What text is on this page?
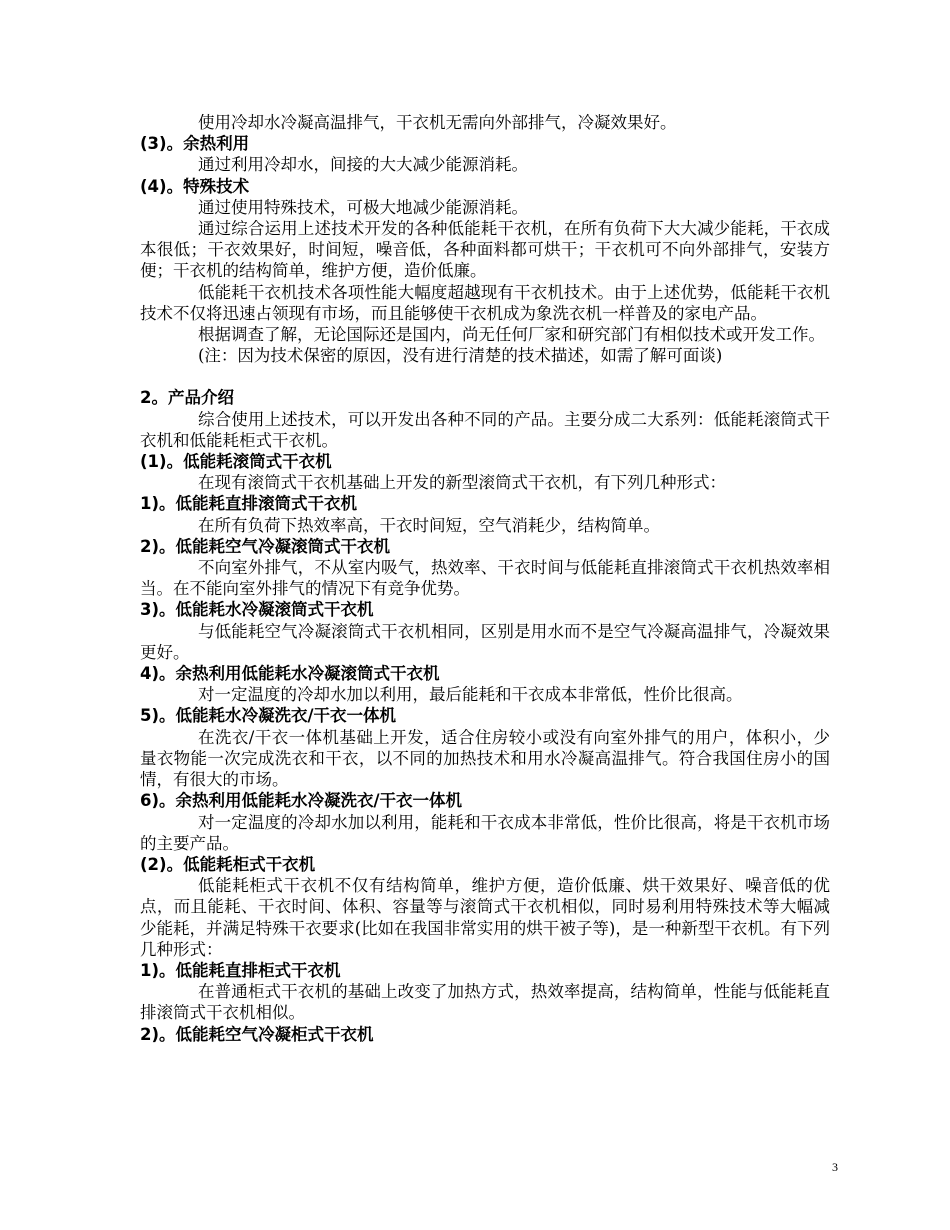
使用冷却水冷凝高温排气，干衣机无需向外部排气，冷凝效果好。
(3)。余热利用
通过利用冷却水，间接的大大减少能源消耗。
(4)。特殊技术
通过使用特殊技术，可极大地减少能源消耗。
通过综合运用上述技术开发的各种低能耗干衣机，在所有负荷下大大减少能耗，干衣成本很低；干衣效果好，时间短，噪音低，各种面料都可烘干；干衣机可不向外部排气，安装方便；干衣机的结构简单，维护方便，造价低廉。
低能耗干衣机技术各项性能大幅度超越现有干衣机技术。由于上述优势，低能耗干衣机技术不仅将迅速占领现有市场，而且能够使干衣机成为象洗衣机一样普及的家电产品。
根据调查了解，无论国际还是国内，尚无任何厂家和研究部门有相似技术或开发工作。
(注：因为技术保密的原因，没有进行清楚的技术描述，如需了解可面谈)
2。产品介绍
综合使用上述技术，可以开发出各种不同的产品。主要分成二大系列：低能耗滚筒式干衣机和低能耗柜式干衣机。
(1)。低能耗滚筒式干衣机
在现有滚筒式干衣机基础上开发的新型滚筒式干衣机，有下列几种形式：
1)。低能耗直排滚筒式干衣机
在所有负荷下热效率高，干衣时间短，空气消耗少，结构简单。
2)。低能耗空气冷凝滚筒式干衣机
不向室外排气，不从室内吸气，热效率、干衣时间与低能耗直排滚筒式干衣机热效率相当。在不能向室外排气的情况下有竞争优势。
3)。低能耗水冷凝滚筒式干衣机
与低能耗空气冷凝滚筒式干衣机相同，区别是用水而不是空气冷凝高温排气，冷凝效果更好。
4)。余热利用低能耗水冷凝滚筒式干衣机
对一定温度的冷却水加以利用，最后能耗和干衣成本非常低，性价比很高。
5)。低能耗水冷凝洗衣/干衣一体机
在洗衣/干衣一体机基础上开发，适合住房较小或没有向室外排气的用户，体积小，少量衣物能一次完成洗衣和干衣，以不同的加热技术和用水冷凝高温排气。符合我国住房小的国情，有很大的市场。
6)。余热利用低能耗水冷凝洗衣/干衣一体机
对一定温度的冷却水加以利用，能耗和干衣成本非常低，性价比很高，将是干衣机市场的主要产品。
(2)。低能耗柜式干衣机
低能耗柜式干衣机不仅有结构简单，维护方便，造价低廉、烘干效果好、噪音低的优点，而且能耗、干衣时间、体积、容量等与滚筒式干衣机相似，同时易利用特殊技术等大幅减少能耗，并满足特殊干衣要求(比如在我国非常实用的烘干被子等)，是一种新型干衣机。有下列几种形式：
1)。低能耗直排柜式干衣机
在普通柜式干衣机的基础上改变了加热方式，热效率提高，结构简单，性能与低能耗直排滚筒式干衣机相似。
2)。低能耗空气冷凝柜式干衣机
3
